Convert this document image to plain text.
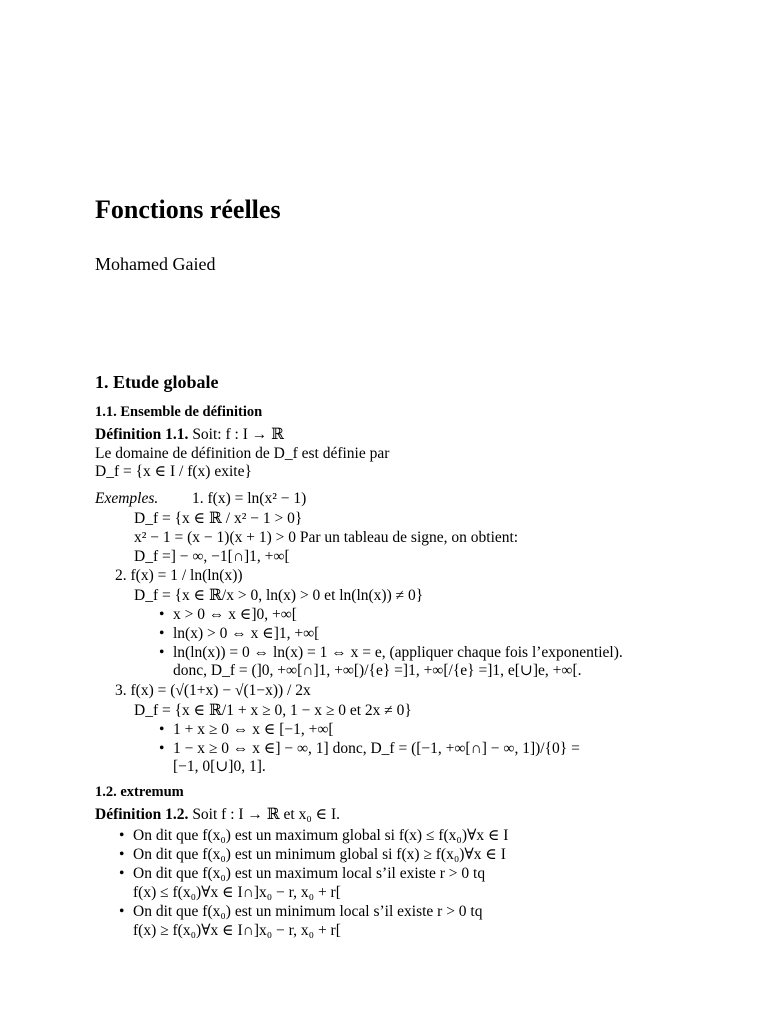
Fonctions réelles
Mohamed Gaied
1. Etude globale
1.1. Ensemble de définition
Définition 1.1. Soit: f : I → ℝ
Le domaine de définition de D_f est définie par
D_f = {x ∈ I / f(x) exite}
Exemples. 1. f(x) = ln(x² − 1)
D_f = {x ∈ ℝ / x² − 1 > 0}
x² − 1 = (x − 1)(x + 1) > 0 Par un tableau de signe, on obtient:
D_f =] − ∞, −1[∩]1, +∞[
2. f(x) = 1 / ln(ln(x))
D_f = {x ∈ ℝ/x > 0, ln(x) > 0 et ln(ln(x)) ≠ 0}
• x > 0 ⇔ x ∈]0, +∞[
• ln(x) > 0 ⇔ x ∈]1, +∞[
• ln(ln(x)) = 0 ⇔ ln(x) = 1 ⇔ x = e, (appliquer chaque fois l’exponentiel).
donc, D_f = (]0, +∞[∩]1, +∞[)/{e} =]1, +∞[/{e} =]1, e[∪]e, +∞[.
3. f(x) = (√(1+x) − √(1−x)) / 2x
D_f = {x ∈ ℝ/1 + x ≥ 0, 1 − x ≥ 0 et 2x ≠ 0}
• 1 + x ≥ 0 ⇔ x ∈ [−1, +∞[
• 1 − x ≥ 0 ⇔ x ∈] − ∞, 1] donc, D_f = ([−1, +∞[∩] − ∞, 1])/{0} =
[−1, 0[∪]0, 1].
1.2. extremum
Définition 1.2. Soit f : I → ℝ et x₀ ∈ I.
• On dit que f(x₀) est un maximum global si f(x) ≤ f(x₀)∀x ∈ I
• On dit que f(x₀) est un minimum global si f(x) ≥ f(x₀)∀x ∈ I
• On dit que f(x₀) est un maximum local s’il existe r > 0 tq
f(x) ≤ f(x₀)∀x ∈ I∩]x₀ − r, x₀ + r[
• On dit que f(x₀) est un minimum local s’il existe r > 0 tq
f(x) ≥ f(x₀)∀x ∈ I∩]x₀ − r, x₀ + r[
